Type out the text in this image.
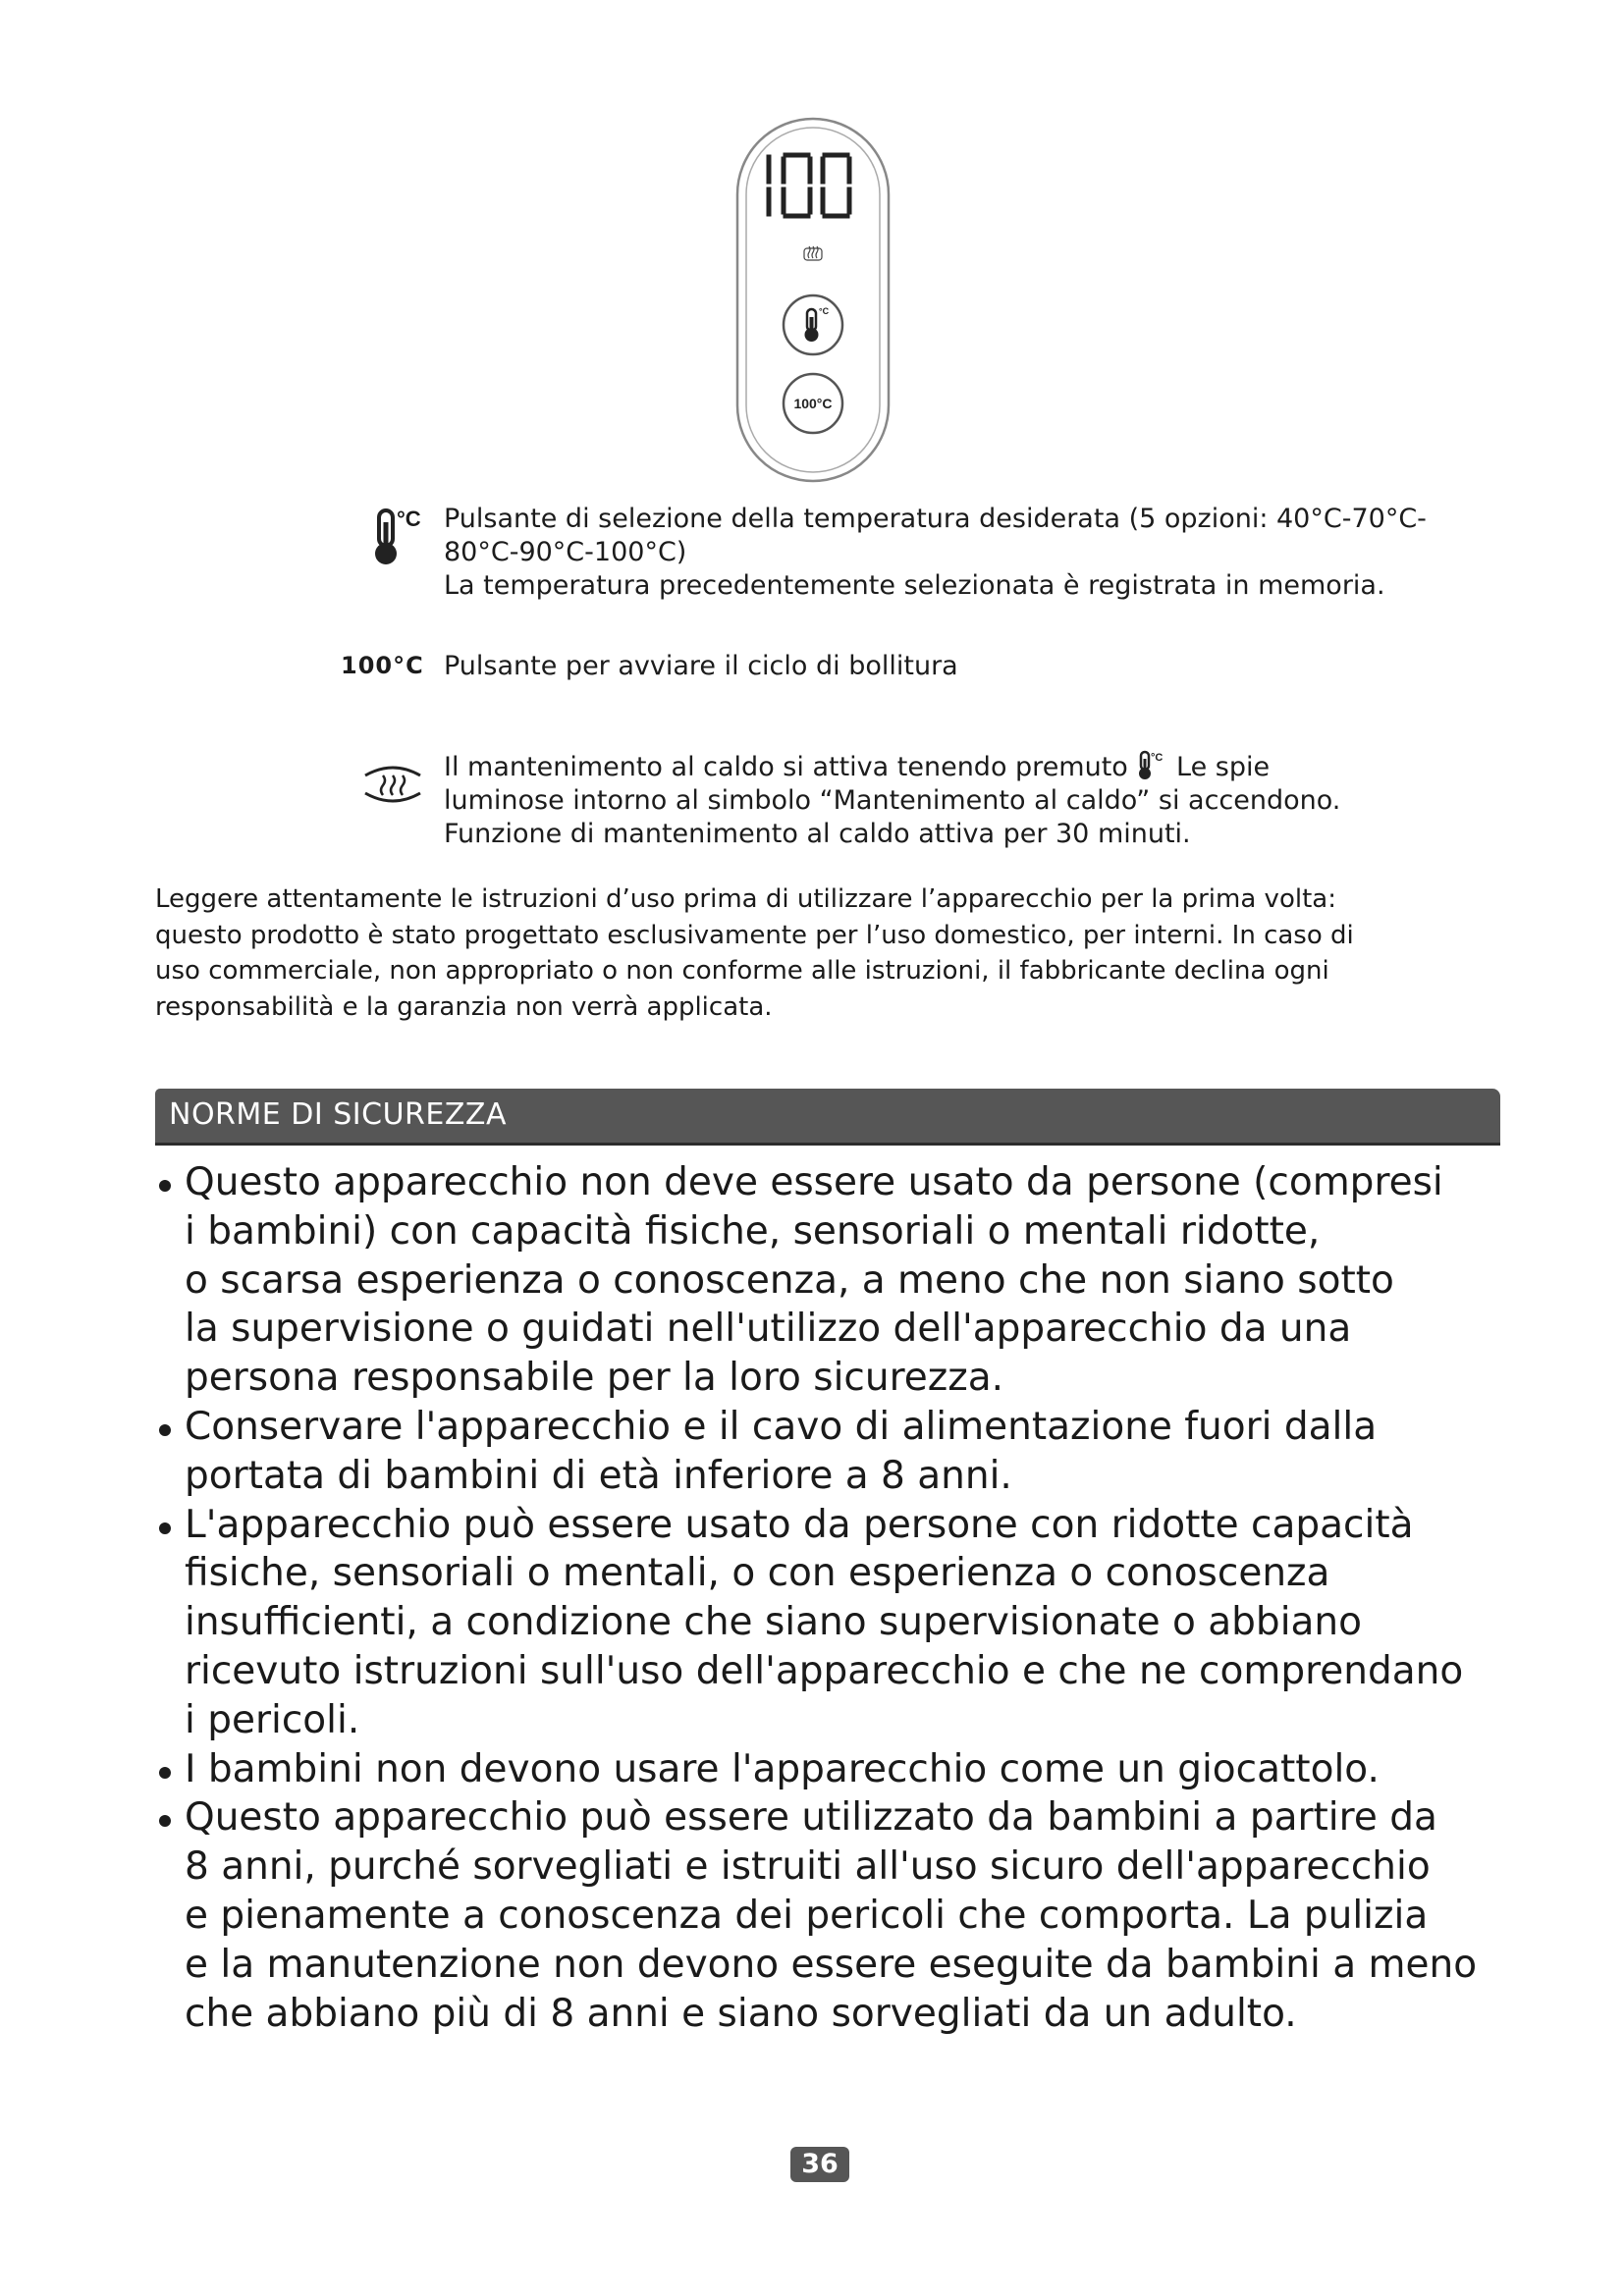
°C
100°C
°C Pulsante di selezione della temperatura desiderata (5 opzioni: 40°C-70°C-
80°C-90°C-100°C)
La temperatura precedentemente selezionata è registrata in memoria.
100°C Pulsante per avviare il ciclo di bollitura
Il mantenimento al caldo si attiva tenendo premuto °C Le spie
luminose intorno al simbolo “Mantenimento al caldo” si accendono.
Funzione di mantenimento al caldo attiva per 30 minuti.
Leggere attentamente le istruzioni d’uso prima di utilizzare l’apparecchio per la prima volta:
questo prodotto è stato progettato esclusivamente per l’uso domestico, per interni. In caso di
uso commerciale, non appropriato o non conforme alle istruzioni, il fabbricante declina ogni
responsabilità e la garanzia non verrà applicata.
NORME DI SICUREZZA
Questo apparecchio non deve essere usato da persone (compresi
i bambini) con capacità fisiche, sensoriali o mentali ridotte,
o scarsa esperienza o conoscenza, a meno che non siano sotto
la supervisione o guidati nell'utilizzo dell'apparecchio da una
persona responsabile per la loro sicurezza.
Conservare l'apparecchio e il cavo di alimentazione fuori dalla
portata di bambini di età inferiore a 8 anni.
L'apparecchio può essere usato da persone con ridotte capacità
fisiche, sensoriali o mentali, o con esperienza o conoscenza
insufficienti, a condizione che siano supervisionate o abbiano
ricevuto istruzioni sull'uso dell'apparecchio e che ne comprendano
i pericoli.
I bambini non devono usare l'apparecchio come un giocattolo.
Questo apparecchio può essere utilizzato da bambini a partire da
8 anni, purché sorvegliati e istruiti all'uso sicuro dell'apparecchio
e pienamente a conoscenza dei pericoli che comporta. La pulizia
e la manutenzione non devono essere eseguite da bambini a meno
che abbiano più di 8 anni e siano sorvegliati da un adulto.
36
